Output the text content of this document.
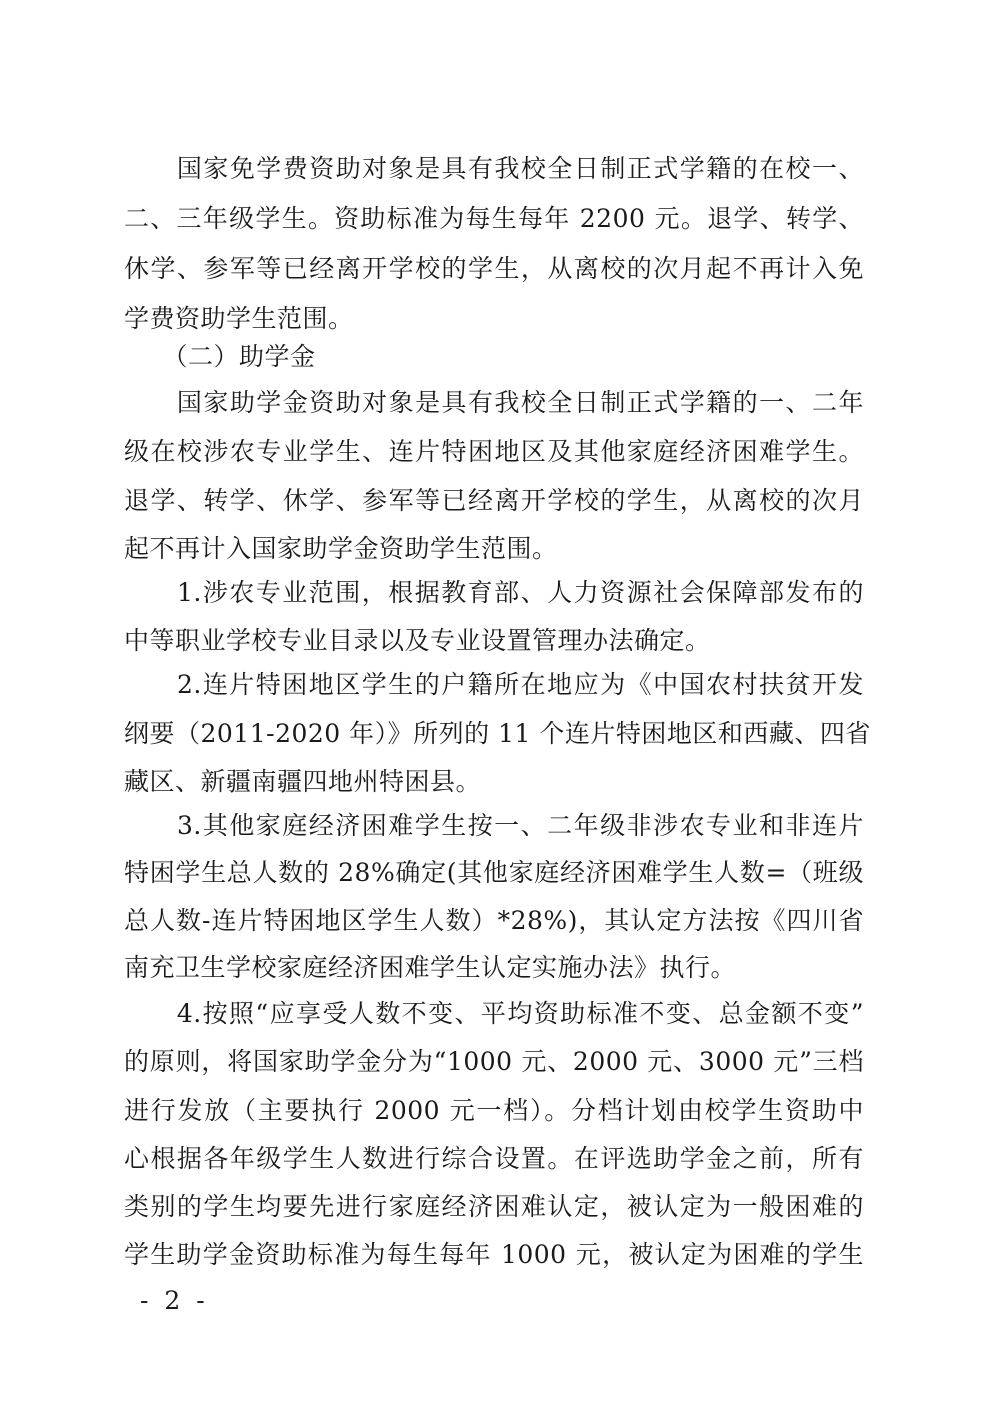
　　国家免学费资助对象是具有我校全日制正式学籍的在校一、
二、三年级学生。资助标准为每生每年 2200 元。退学、转学、
休学、参军等已经离开学校的学生，从离校的次月起不再计入免
学费资助学生范围。
　　（二）助学金
　　国家助学金资助对象是具有我校全日制正式学籍的一、二年
级在校涉农专业学生、连片特困地区及其他家庭经济困难学生。
退学、转学、休学、参军等已经离开学校的学生，从离校的次月
起不再计入国家助学金资助学生范围。
　　1.涉农专业范围，根据教育部、人力资源社会保障部发布的
中等职业学校专业目录以及专业设置管理办法确定。
　　2.连片特困地区学生的户籍所在地应为《中国农村扶贫开发
纲要（2011-2020 年）》所列的 11 个连片特困地区和西藏、四省
藏区、新疆南疆四地州特困县。
　　3.其他家庭经济困难学生按一、二年级非涉农专业和非连片
特困学生总人数的 28%确定(其他家庭经济困难学生人数=（班级
总人数-连片特困地区学生人数）*28%)，其认定方法按《四川省
南充卫生学校家庭经济困难学生认定实施办法》执行。
　　4.按照“应享受人数不变、平均资助标准不变、总金额不变”
的原则，将国家助学金分为“1000 元、2000 元、3000 元”三档
进行发放（主要执行 2000 元一档）。分档计划由校学生资助中
心根据各年级学生人数进行综合设置。在评选助学金之前，所有
类别的学生均要先进行家庭经济困难认定，被认定为一般困难的
学生助学金资助标准为每生每年 1000 元，被认定为困难的学生
- 2 -
